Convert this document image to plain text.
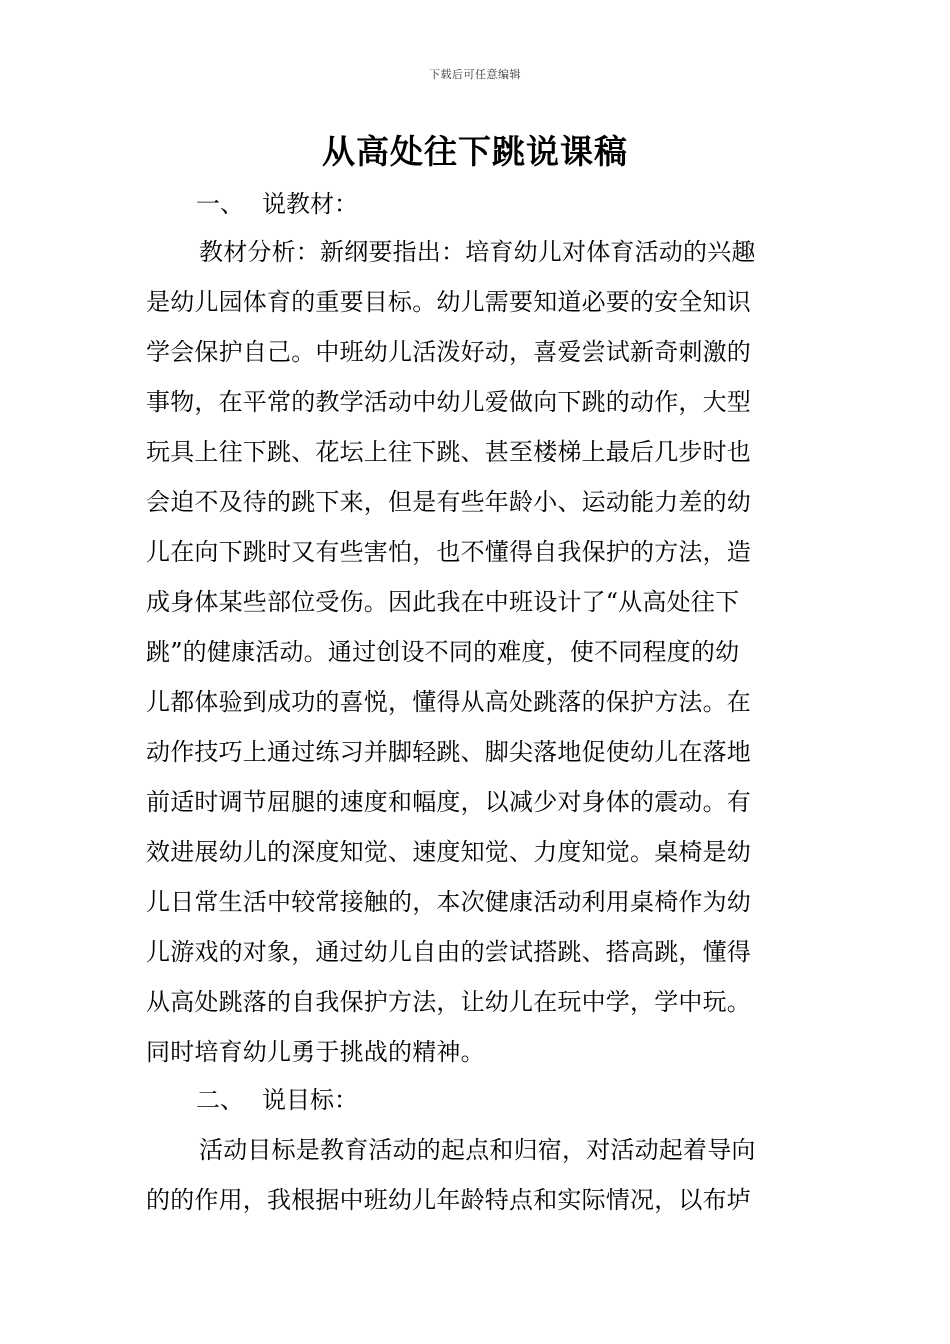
下载后可任意编辑
从高处往下跳说课稿
一、 说教材：
教材分析：新纲要指出：培育幼儿对体育活动的兴趣
是幼儿园体育的重要目标。幼儿需要知道必要的安全知识
学会保护自己。中班幼儿活泼好动，喜爱尝试新奇刺激的
事物，在平常的教学活动中幼儿爱做向下跳的动作，大型
玩具上往下跳、花坛上往下跳、甚至楼梯上最后几步时也
会迫不及待的跳下来，但是有些年龄小、运动能力差的幼
儿在向下跳时又有些害怕，也不懂得自我保护的方法，造
成身体某些部位受伤。因此我在中班设计了“从高处往下
跳”的健康活动。通过创设不同的难度，使不同程度的幼
儿都体验到成功的喜悦，懂得从高处跳落的保护方法。在
动作技巧上通过练习并脚轻跳、脚尖落地促使幼儿在落地
前适时调节屈腿的速度和幅度，以减少对身体的震动。有
效进展幼儿的深度知觉、速度知觉、力度知觉。桌椅是幼
儿日常生活中较常接触的，本次健康活动利用桌椅作为幼
儿游戏的对象，通过幼儿自由的尝试搭跳、搭高跳，懂得
从高处跳落的自我保护方法，让幼儿在玩中学，学中玩。
同时培育幼儿勇于挑战的精神。
二、 说目标：
活动目标是教育活动的起点和归宿，对活动起着导向
的的作用，我根据中班幼儿年龄特点和实际情况，以布垆
